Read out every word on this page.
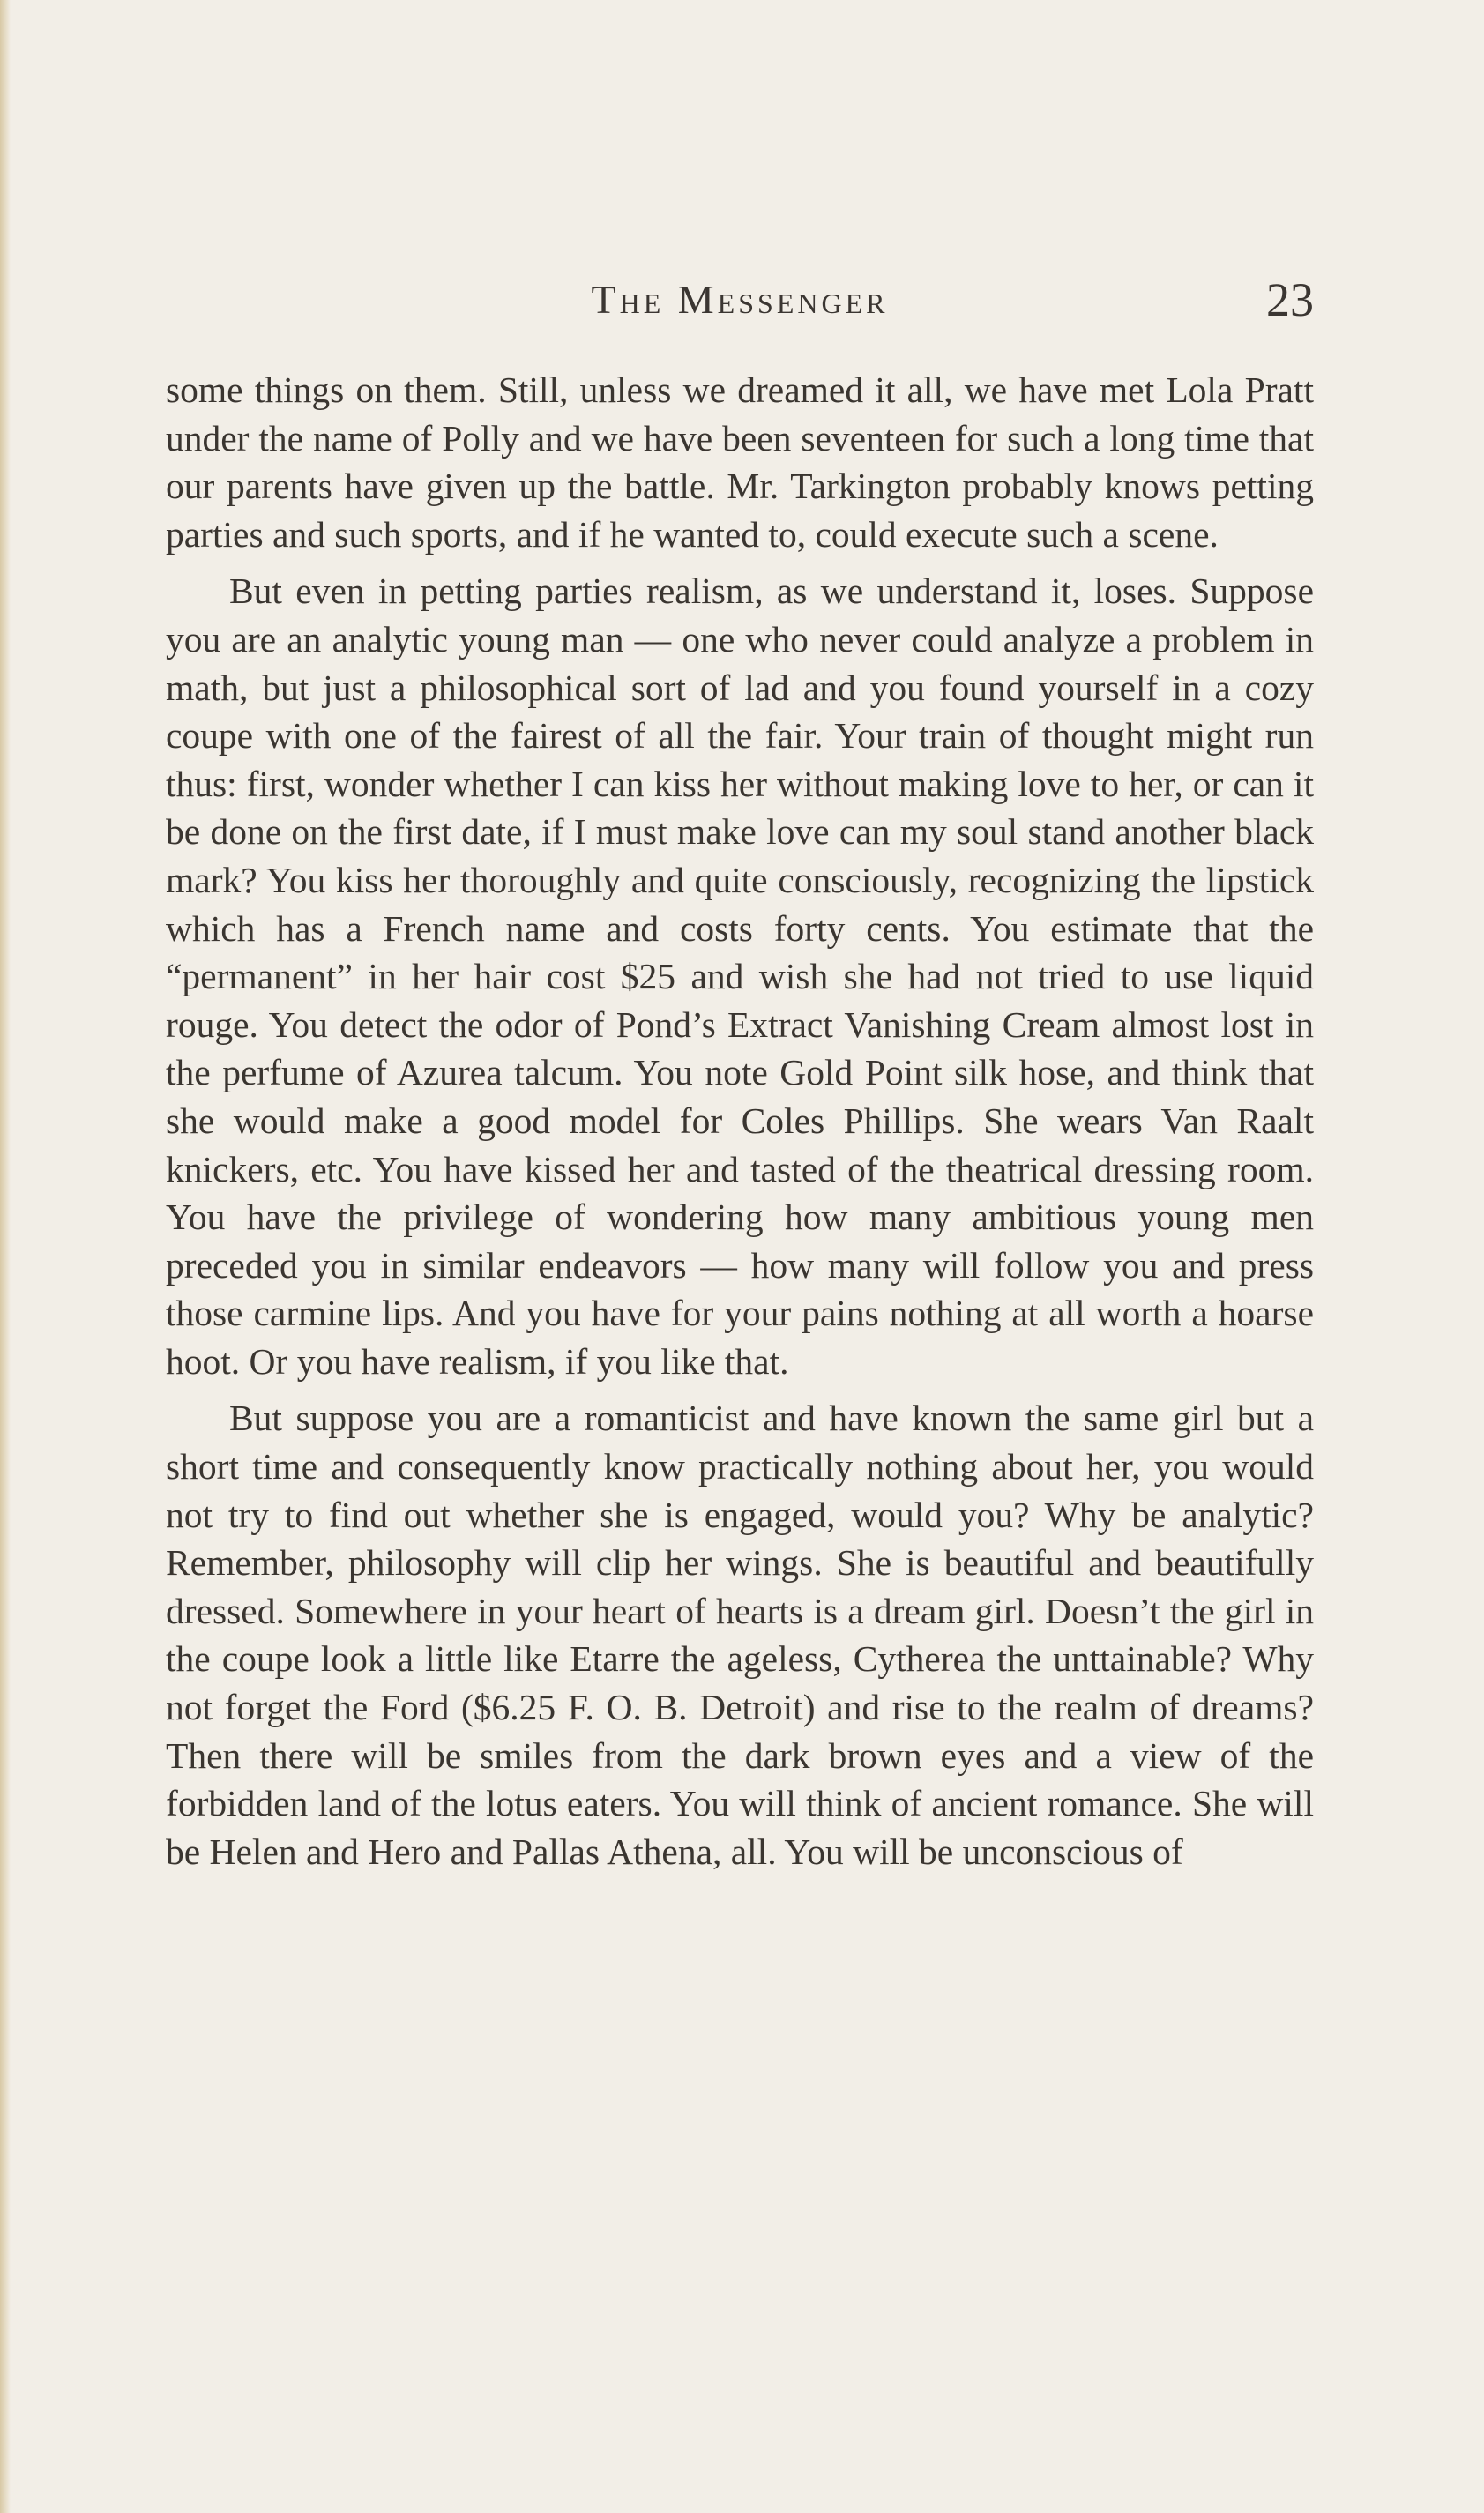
The Messenger	23

some things on them. Still, unless we dreamed it all, we have met Lola Pratt under the name of Polly and we have been seventeen for such a long time that our parents have given up the battle. Mr. Tarkington probably knows petting parties and such sports, and if he wanted to, could execute such a scene.

But even in petting parties realism, as we understand it, loses. Suppose you are an analytic young man — one who never could analyze a problem in math, but just a philosophical sort of lad and you found yourself in a cozy coupe with one of the fairest of all the fair. Your train of thought might run thus: first, wonder whether I can kiss her without making love to her, or can it be done on the first date, if I must make love can my soul stand another black mark? You kiss her thoroughly and quite consciously, recognizing the lipstick which has a French name and costs forty cents. You estimate that the “permanent” in her hair cost $25 and wish she had not tried to use liquid rouge. You detect the odor of Pond’s Extract Vanishing Cream almost lost in the perfume of Azurea talcum. You note Gold Point silk hose, and think that she would make a good model for Coles Phillips. She wears Van Raalt knickers, etc. You have kissed her and tasted of the theatrical dressing room. You have the privilege of wondering how many ambitious young men preceded you in similar endeavors — how many will follow you and press those carmine lips. And you have for your pains nothing at all worth a hoarse hoot. Or you have realism, if you like that.

But suppose you are a romanticist and have known the same girl but a short time and consequently know practically nothing about her, you would not try to find out whether she is engaged, would you? Why be analytic? Remember, philosophy will clip her wings. She is beautiful and beautifully dressed. Somewhere in your heart of hearts is a dream girl. Doesn’t the girl in the coupe look a little like Etarre the ageless, Cytherea the unttainable? Why not forget the Ford ($6.25 F. O. B. Detroit) and rise to the realm of dreams? Then there will be smiles from the dark brown eyes and a view of the forbidden land of the lotus eaters. You will think of ancient romance. She will be Helen and Hero and Pallas Athena, all. You will be unconscious of
